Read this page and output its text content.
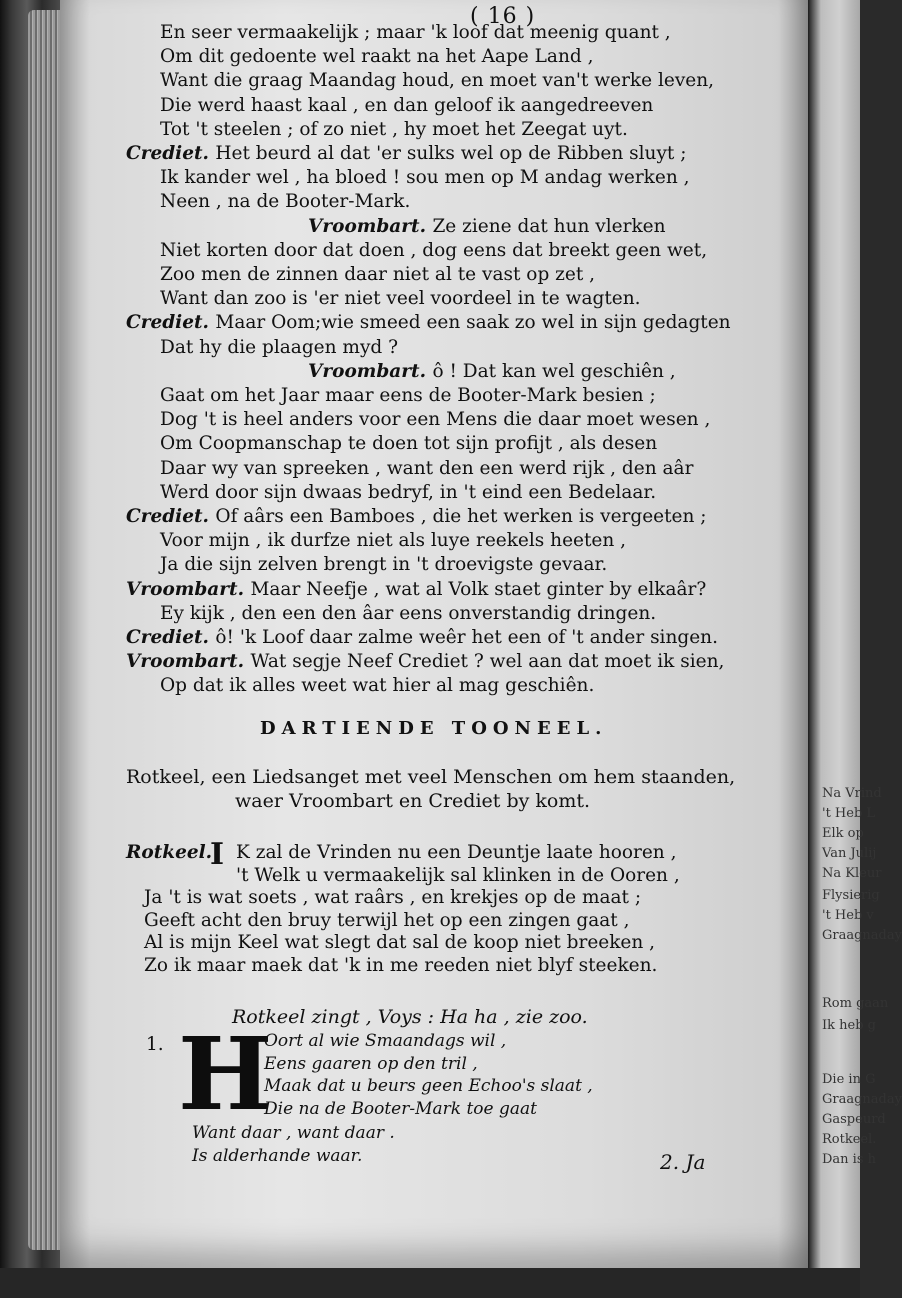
( 16 )
En seer vermaakelijk ; maar 'k loof dat meenig quant ,
Om dit gedoente wel raakt na het Aape Land ,
Want die graag Maandag houd, en moet van't werke leven,
Die werd haast kaal , en dan geloof ik aangedreeven
Tot 't steelen ; of zo niet , hy moet het Zeegat uyt.
Crediet. Het beurd al dat 'er sulks wel op de Ribben sluyt ;
Ik kander wel , ha bloed ! sou men op M andag werken ,
Neen , na de Booter-Mark.
Vroombart. Ze ziene dat hun vlerken
Niet korten door dat doen , dog eens dat breekt geen wet,
Zoo men de zinnen daar niet al te vast op zet ,
Want dan zoo is 'er niet veel voordeel in te wagten.
Crediet. Maar Oom;wie smeed een saak zo wel in sijn gedagten
Dat hy die plaagen myd ?
Vroombart. ô ! Dat kan wel geschiên ,
Gaat om het Jaar maar eens de Booter-Mark besien ;
Dog 't is heel anders voor een Mens die daar moet wesen ,
Om Coopmanschap te doen tot sijn profijt , als desen
Daar wy van spreeken , want den een werd rijk , den aâr
Werd door sijn dwaas bedryf, in 't eind een Bedelaar.
Crediet. Of aârs een Bamboes , die het werken is vergeeten ;
Voor mijn , ik durfze niet als luye reekels heeten ,
Ja die sijn zelven brengt in 't droevigste gevaar.
Vroombart. Maar Neefje , wat al Volk staet ginter by elkaâr?
Ey kijk , den een den âar eens onverstandig dringen.
Crediet. ô! 'k Loof daar zalme weêr het een of 't ander singen.
Vroombart. Wat segje Neef Crediet ? wel aan dat moet ik sien,
Op dat ik alles weet wat hier al mag geschiên.
DARTIENDE TOONEEL.
Rotkeel, een Liedsanget met veel Menschen om hem staanden,
waer Vroombart en Crediet by komt.
Rotkeel.
I K zal de Vrinden nu een Deuntje laate hooren ,
't Welk u vermaakelijk sal klinken in de Ooren ,
Ja 't is wat soets , wat raârs , en krekjes op de maat ;
Geeft acht den bruy terwijl het op een zingen gaat ,
Al is mijn Keel wat slegt dat sal de koop niet breeken ,
Zo ik maar maek dat 'k in me reeden niet blyf steeken.
Rotkeel zingt , Voys : Ha ha , zie zoo.
1. H
Oort al wie Smaandags wil ,
Eens gaaren op den tril ,
Maak dat u beurs geen Echoo's slaat ,
Die na de Booter-Mark toe gaat
Want daar , want daar .
Is alderhande waar.	2. Ja
Na Vrind
't Heb L
Elk op
Van Julij
Na Kleur
Flysierig
't Heb v
Graagnaday
Rom gaan
Ik heb g
Die in G
Graagnaday
Gaspeurd
Rotkeel.
Dan is h
